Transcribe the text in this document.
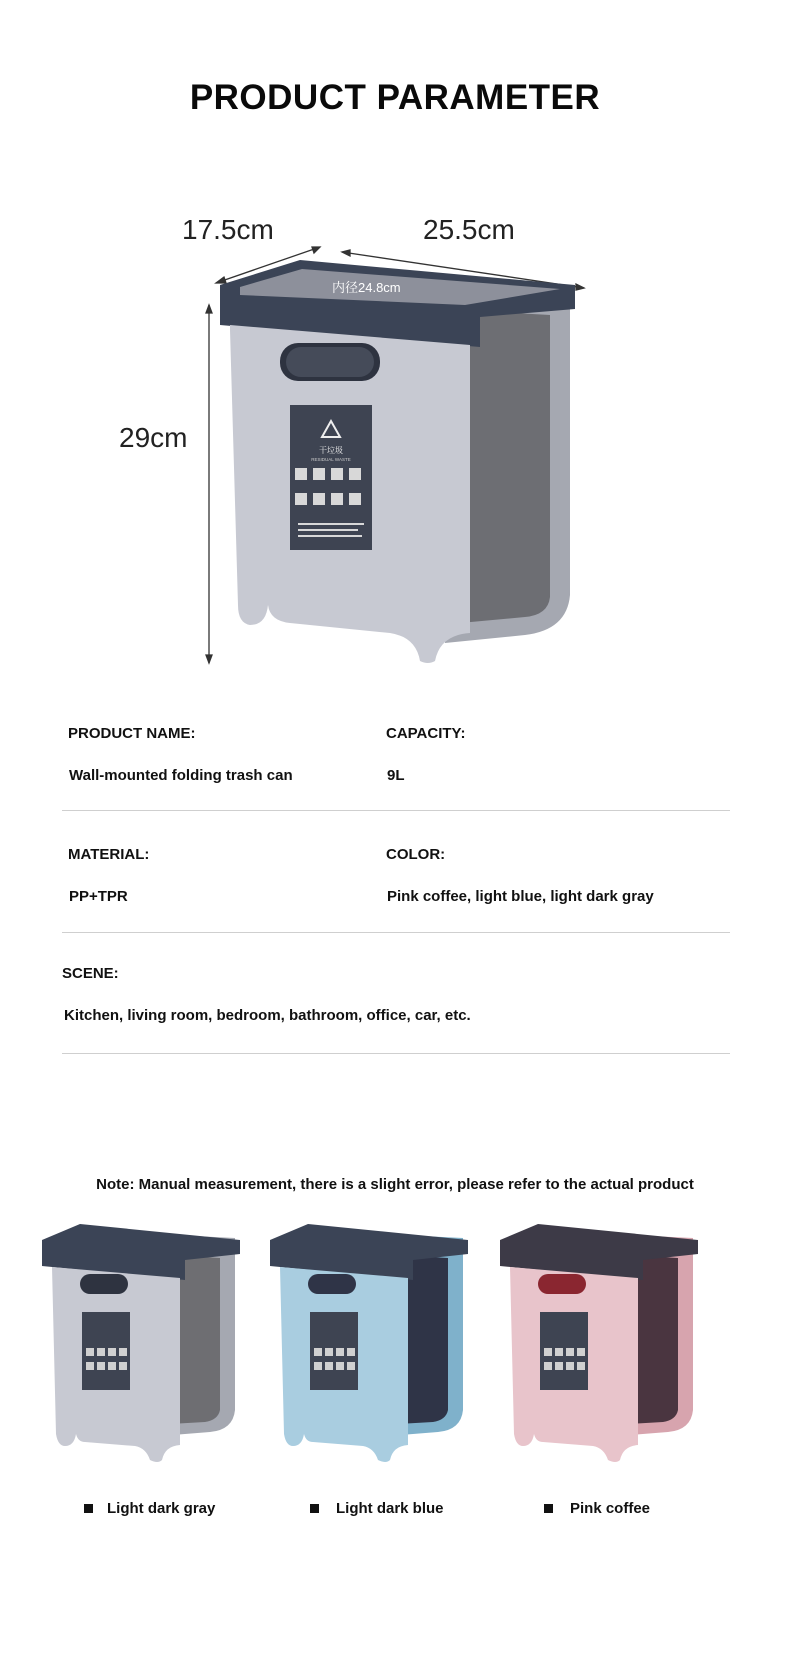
PRODUCT PARAMETER
干垃圾
RESIDUAL WASTE
17.5cm	25.5cm
29cm
内径24.8cm
PRODUCT NAME:
Wall-mounted folding trash can
CAPACITY:
9L
MATERIAL:
PP+TPR
COLOR:
Pink coffee, light blue, light dark gray
SCENE:
Kitchen, living room, bedroom, bathroom, office, car, etc.
Note: Manual measurement, there is a slight error, please refer to the actual product
Light dark gray	Light dark blue	Pink coffee
